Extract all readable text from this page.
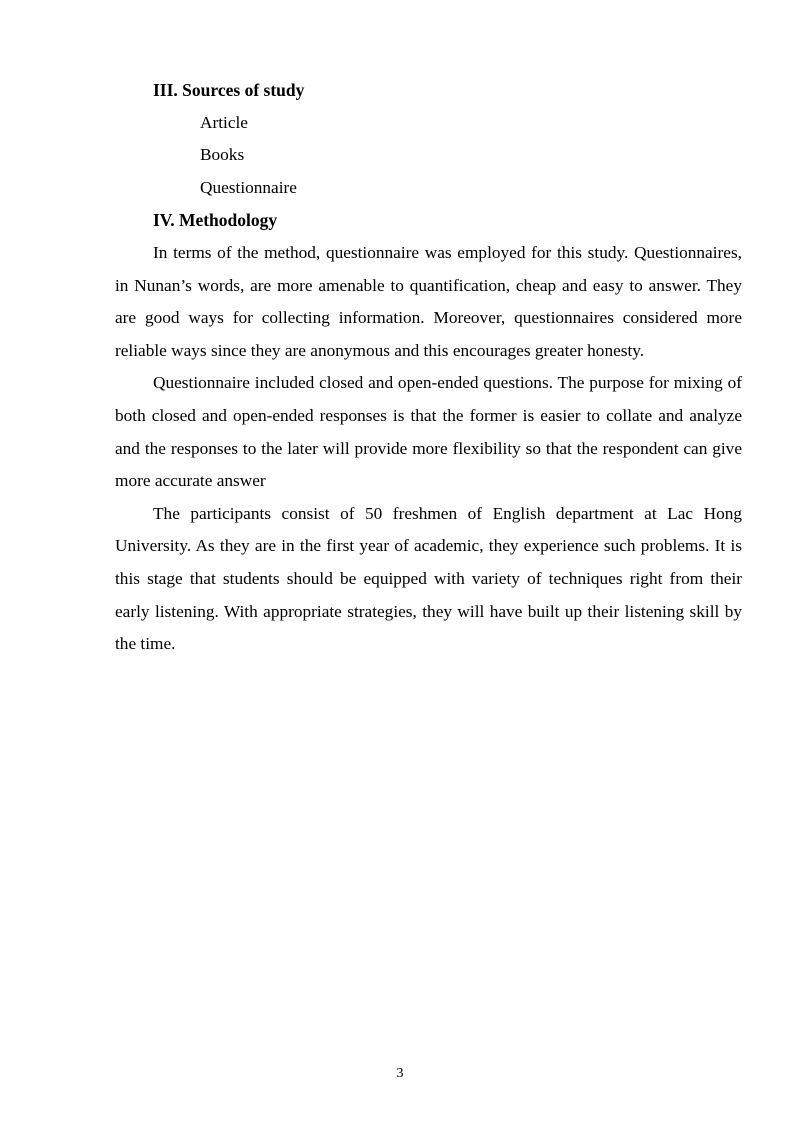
III. Sources of study
Article
Books
Questionnaire
IV. Methodology

In terms of the method, questionnaire was employed for this study. Questionnaires, in Nunan’s words, are more amenable to quantification, cheap and easy to answer. They are good ways for collecting information. Moreover, questionnaires considered more reliable ways since they are anonymous and this encourages greater honesty.

Questionnaire included closed and open-ended questions. The purpose for mixing of both closed and open-ended responses is that the former is easier to collate and analyze and the responses to the later will provide more flexibility so that the respondent can give more accurate answer

The participants consist of 50 freshmen of English department at Lac Hong University. As they are in the first year of academic, they experience such problems. It is this stage that students should be equipped with variety of techniques right from their early listening. With appropriate strategies, they will have built up their listening skill by the time.

3
